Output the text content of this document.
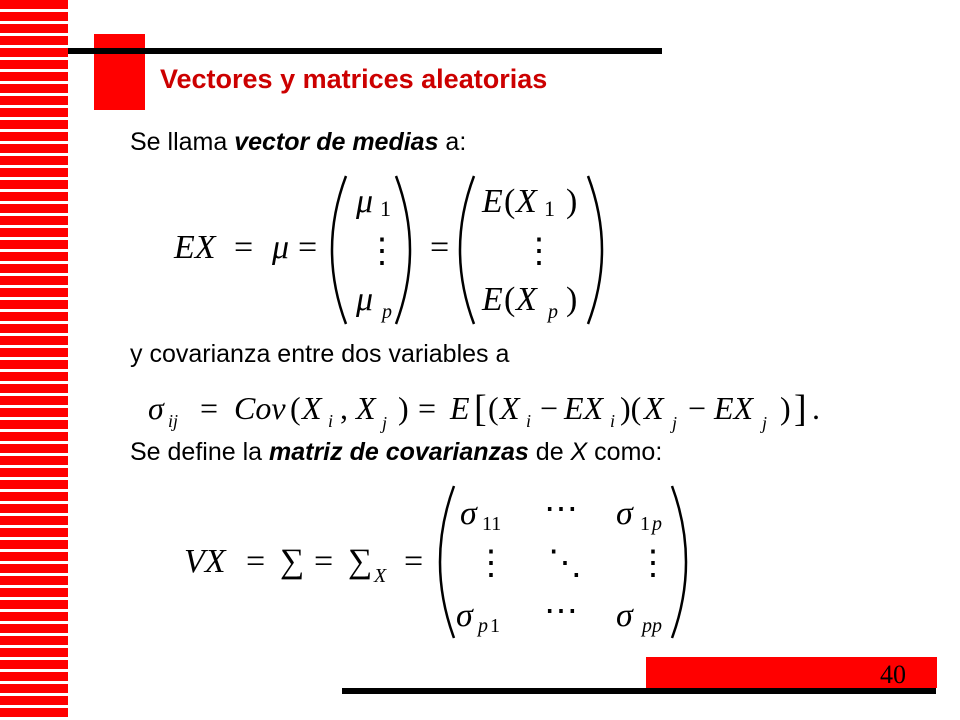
Vectores y matrices aleatorias
Se llama vector de medias a:
EX = μ =
μ 1
⋮
μ p
=
E ( X 1 )
⋮
E ( X p )
y covarianza entre dos variables a
σ ij = Cov ( X i , X j ) = E [ ( X i − EX i )( X j − EX j ) ] .
Se define la matriz de covarianzas de X como:
VX = ∑ = ∑ X =
σ 11 ⋯ σ 1 p
⋮ ⋱ ⋮
σ p 1 ⋯ σ pp
40
